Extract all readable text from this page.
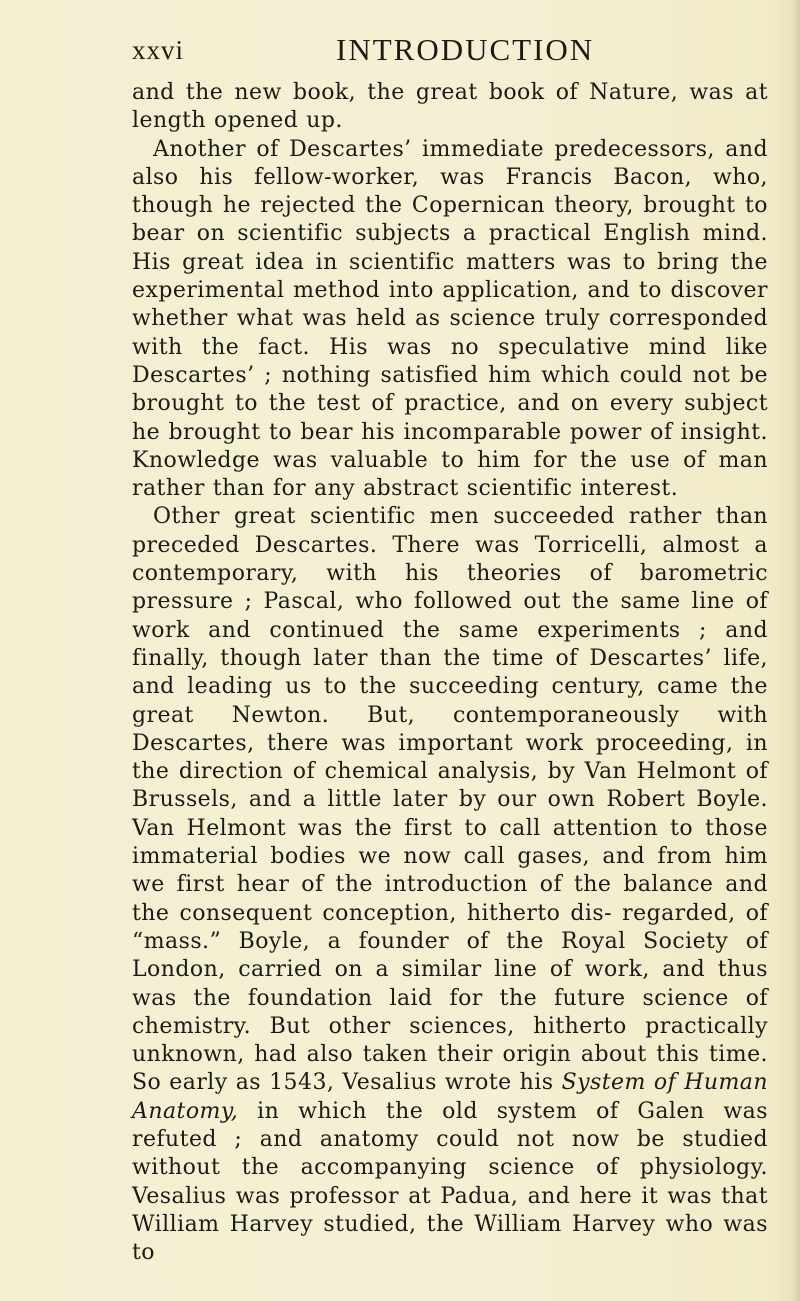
xxvi	INTRODUCTION

and the new book, the great book of Nature, was at length opened up.

Another of Descartes’ immediate predecessors, and also his fellow-worker, was Francis Bacon, who, though he rejected the Copernican theory, brought to bear on scientific subjects a practical English mind. His great idea in scientific matters was to bring the experimental method into application, and to discover whether what was held as science truly corresponded with the fact. His was no speculative mind like Descartes’ ; nothing satisfied him which could not be brought to the test of practice, and on every subject he brought to bear his incomparable power of insight. Knowledge was valuable to him for the use of man rather than for any abstract scientific interest.

Other great scientific men succeeded rather than preceded Descartes. There was Torricelli, almost a contemporary, with his theories of barometric pressure ; Pascal, who followed out the same line of work and continued the same experiments ; and finally, though later than the time of Descartes’ life, and leading us to the succeeding century, came the great Newton. But, contemporaneously with Descartes, there was important work proceeding, in the direction of chemical analysis, by Van Helmont of Brussels, and a little later by our own Robert Boyle. Van Helmont was the first to call attention to those immaterial bodies we now call gases, and from him we first hear of the introduction of the balance and the consequent conception, hitherto dis- regarded, of “mass.” Boyle, a founder of the Royal Society of London, carried on a similar line of work, and thus was the foundation laid for the future science of chemistry. But other sciences, hitherto practically unknown, had also taken their origin about this time. So early as 1543, Vesalius wrote his System of Human Anatomy, in which the old system of Galen was refuted ; and anatomy could not now be studied without the accompanying science of physiology. Vesalius was professor at Padua, and here it was that William Harvey studied, the William Harvey who was to
